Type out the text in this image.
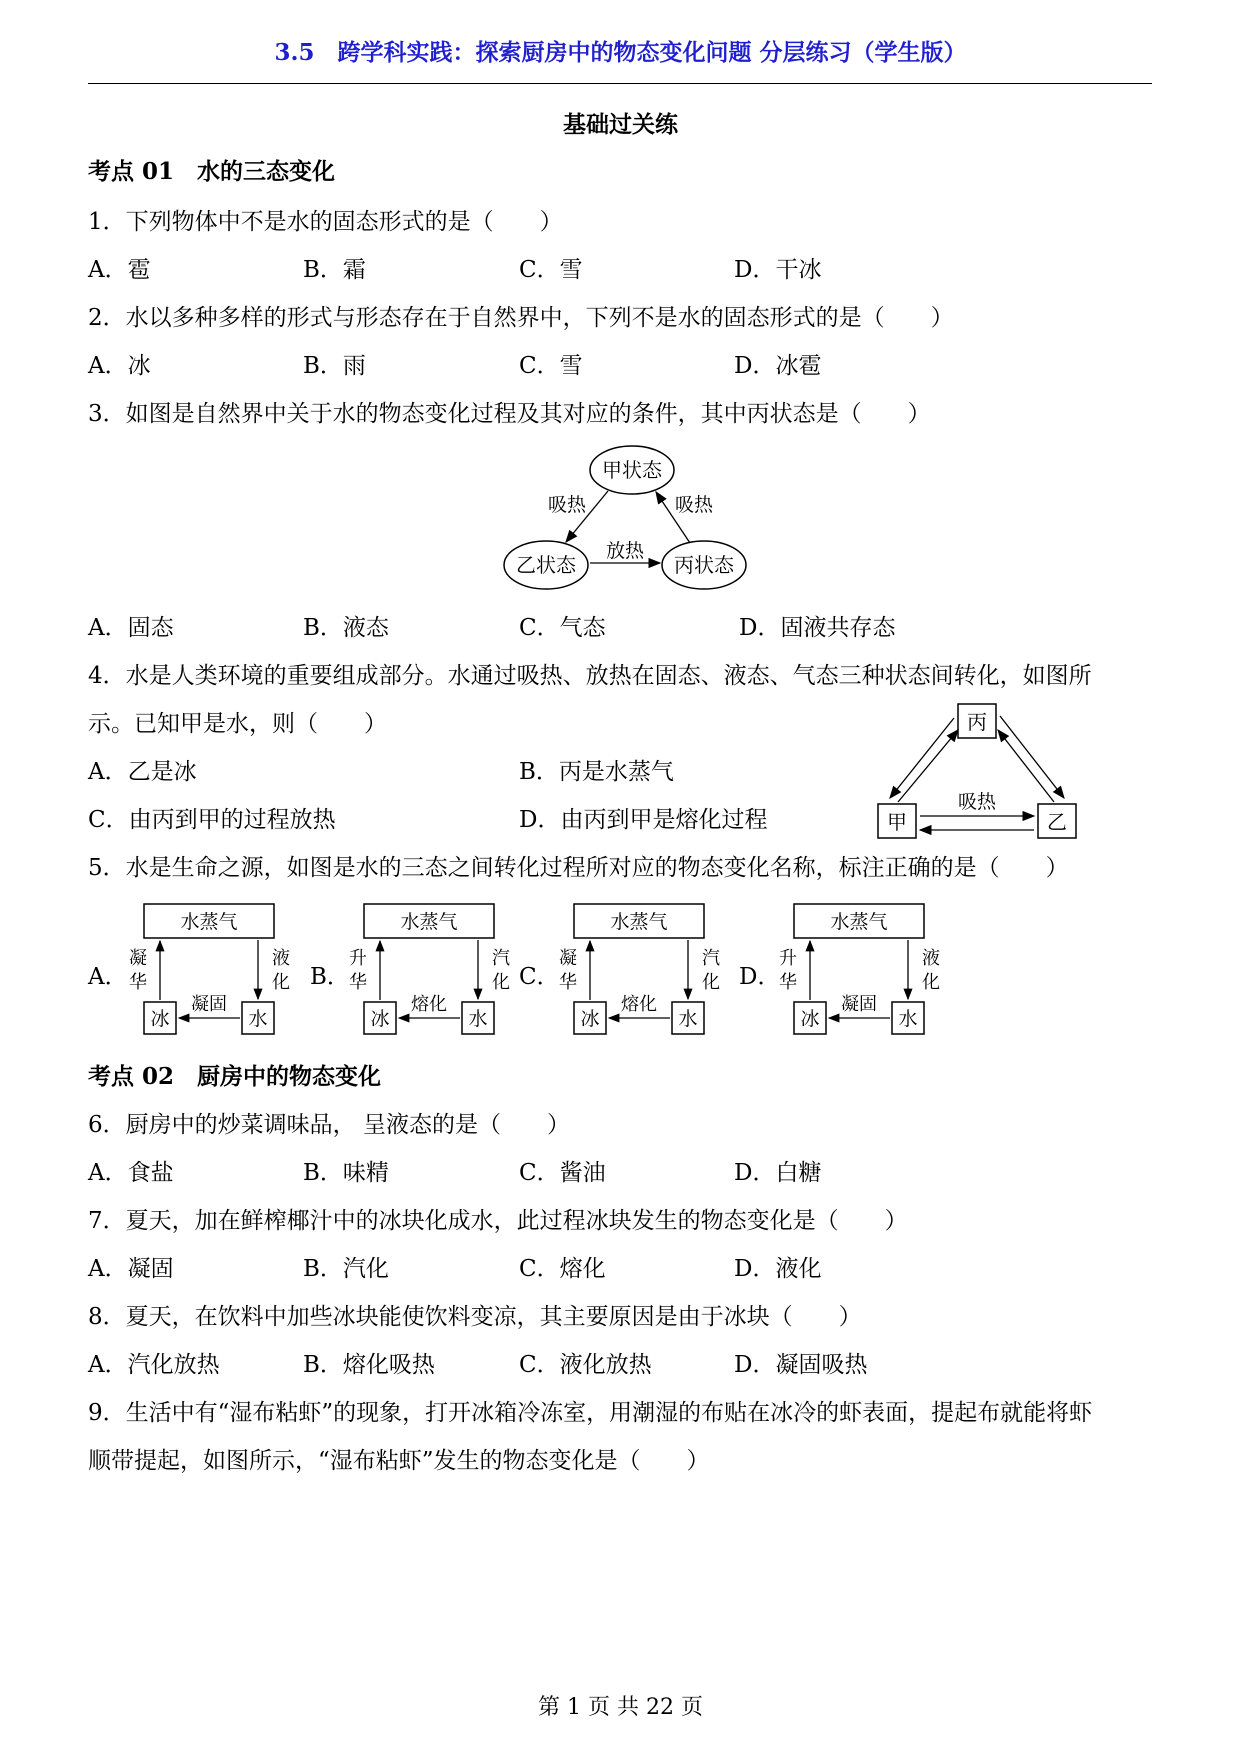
3.5　跨学科实践：探索厨房中的物态变化问题 分层练习（学生版）
基础过关练
考点 01　水的三态变化
1．下列物体中不是水的固态形式的是（　　）
A．雹	B．霜	C．雪	D．干冰
2．水以多种多样的形式与形态存在于自然界中，下列不是水的固态形式的是（　　）
A．冰	B．雨	C．雪	D．冰雹
3．如图是自然界中关于水的物态变化过程及其对应的条件，其中丙状态是（　　）
甲状态
乙状态	丙状态
吸热	吸热
放热
A．固态	B．液态	C．气态	D．固液共存态
4．水是人类环境的重要组成部分。水通过吸热、放热在固态、液态、气态三种状态间转化，如图所
示。已知甲是水，则（　　）
A．乙是冰	B．丙是水蒸气
C．由丙到甲的过程放热	D．由丙到甲是熔化过程
丙
甲	乙
吸热
5．水是生命之源，如图是水的三态之间转化过程所对应的物态变化名称，标注正确的是（　　）
A．	B．	C．	D．
水蒸气
冰	水
凝
华
液
化
凝固
水蒸气
冰	水
升
华
汽
化
熔化
水蒸气
冰	水
凝
华
汽
化
熔化
水蒸气
冰	水
升
华
液
化
凝固
考点 02　厨房中的物态变化
6．厨房中的炒菜调味品， 呈液态的是（　　）
A．食盐	B．味精	C．酱油	D．白糖
7．夏天，加在鲜榨椰汁中的冰块化成水，此过程冰块发生的物态变化是（　　）
A．凝固	B．汽化	C．熔化	D．液化
8．夏天，在饮料中加些冰块能使饮料变凉，其主要原因是由于冰块（　　）
A．汽化放热	B．熔化吸热	C．液化放热	D．凝固吸热
9．生活中有“湿布粘虾”的现象，打开冰箱冷冻室，用潮湿的布贴在冰冷的虾表面，提起布就能将虾
顺带提起，如图所示，“湿布粘虾”发生的物态变化是（　　）
第 1 页 共 22 页
